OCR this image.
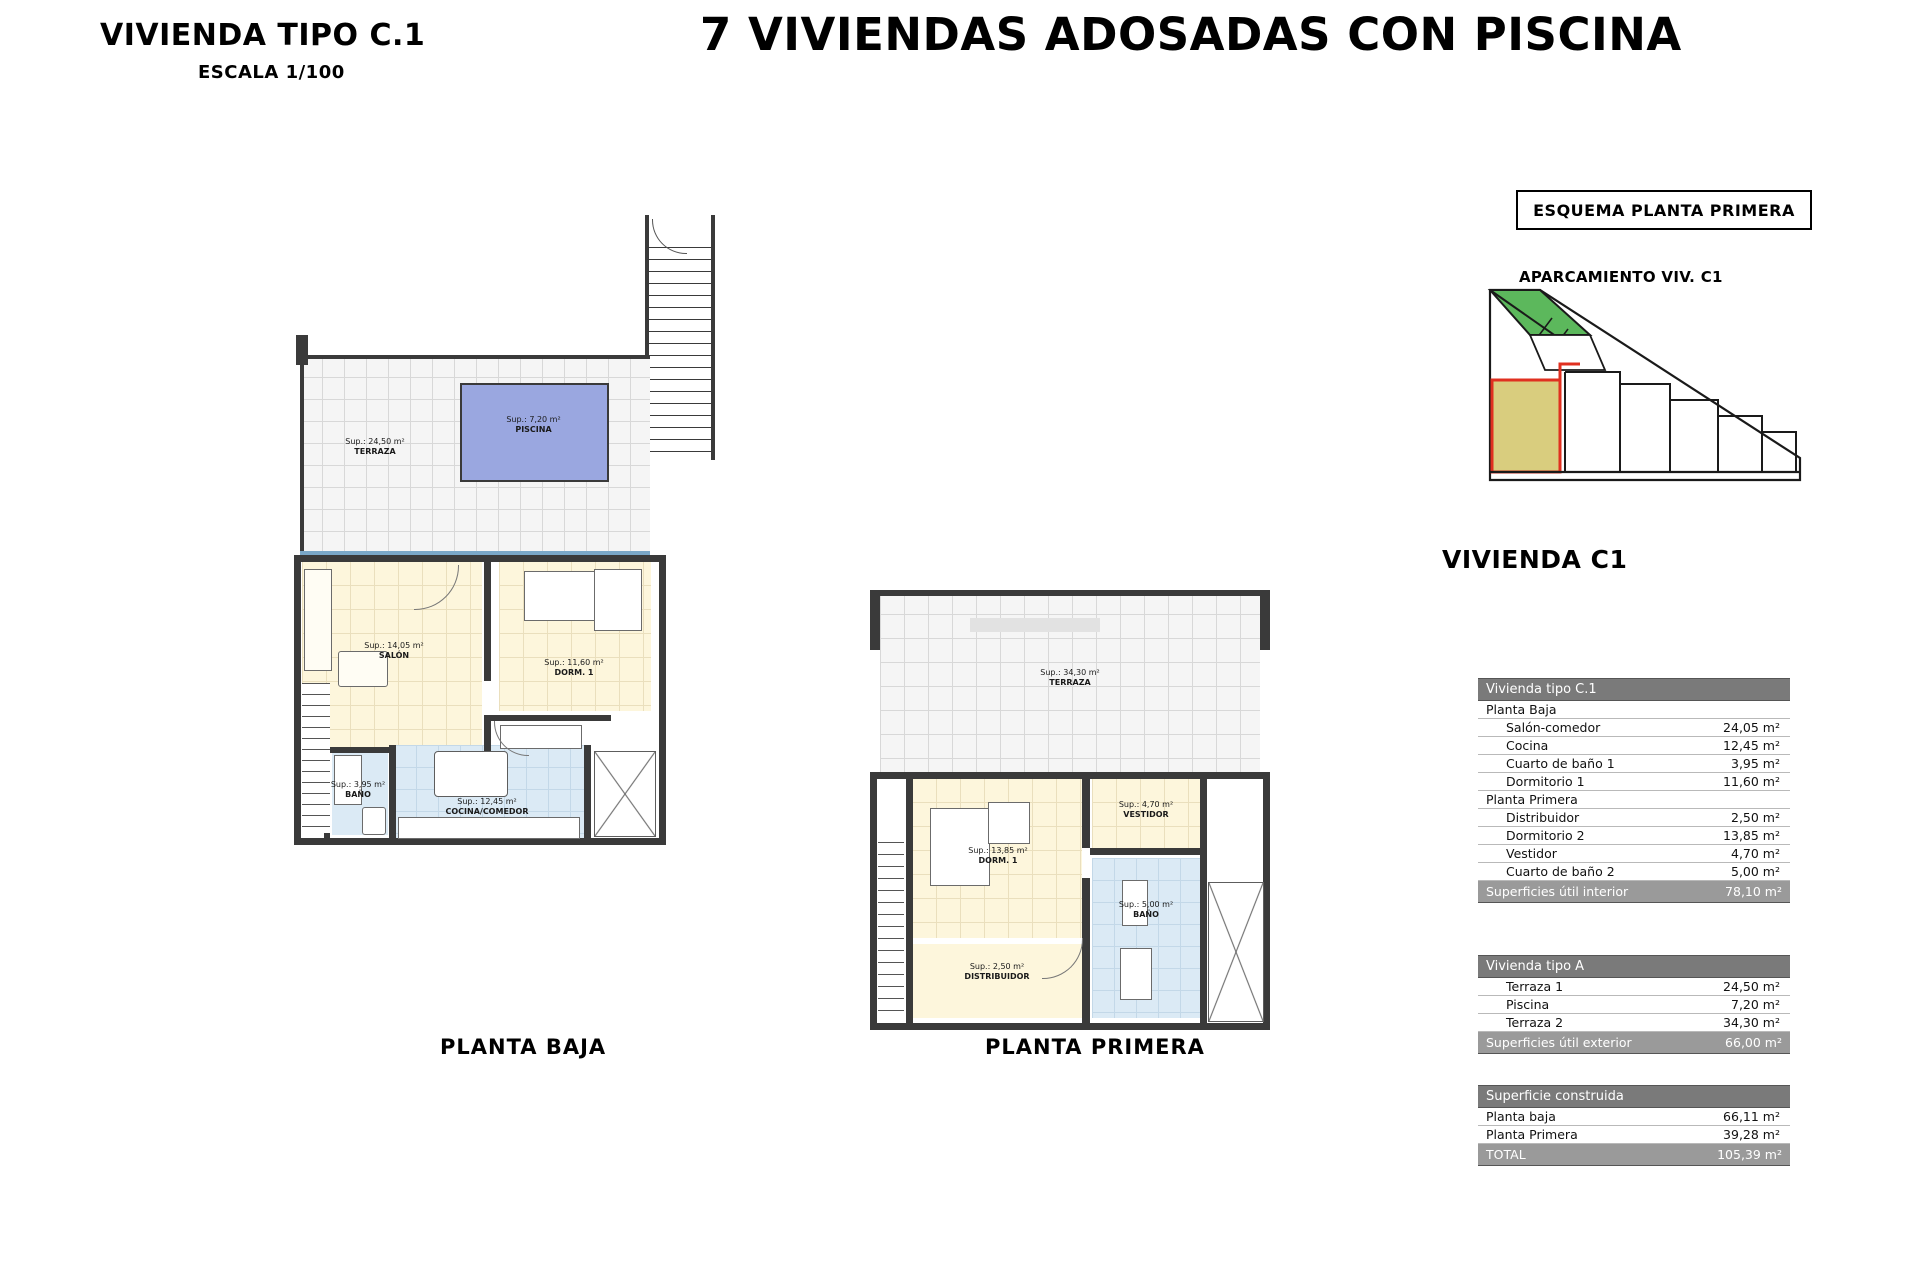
VIVIENDA TIPO C.1
ESCALA 1/100
7 VIVIENDAS ADOSADAS CON PISCINA
Sup.: 7,20 m²
PISCINA
Sup.: 24,50 m²
TERRAZA
Sup.: 14,05 m²
SALÓN
Sup.: 11,60 m²
DORM. 1
Sup.: 3,95 m²
BAÑO
Sup.: 12,45 m²
COCINA/COMEDOR
PLANTA BAJA
Sup.: 34,30 m²
TERRAZA
Sup.: 13,85 m²
DORM. 1
Sup.: 4,70 m²
VESTIDOR
Sup.: 5,00 m²
BAÑO
Sup.: 2,50 m²
DISTRIBUIDOR
PLANTA PRIMERA
ESQUEMA PLANTA PRIMERA
APARCAMIENTO VIV. C1
VIVIENDA C1
Vivienda tipo C.1	
Planta Baja	
Salón-comedor	24,05 m²
Cocina	12,45 m²
Cuarto de baño 1	3,95 m²
Dormitorio 1	11,60 m²
Planta Primera	
Distribuidor	2,50 m²
Dormitorio 2	13,85 m²
Vestidor	4,70 m²
Cuarto de baño 2	5,00 m²
Superficies útil interior	78,10 m²
Vivienda tipo A	
Terraza 1	24,50 m²
Piscina	7,20 m²
Terraza 2	34,30 m²
Superficies útil exterior	66,00 m²
Superficie construida	
Planta baja	66,11 m²
Planta Primera	39,28 m²
TOTAL	105,39 m²
